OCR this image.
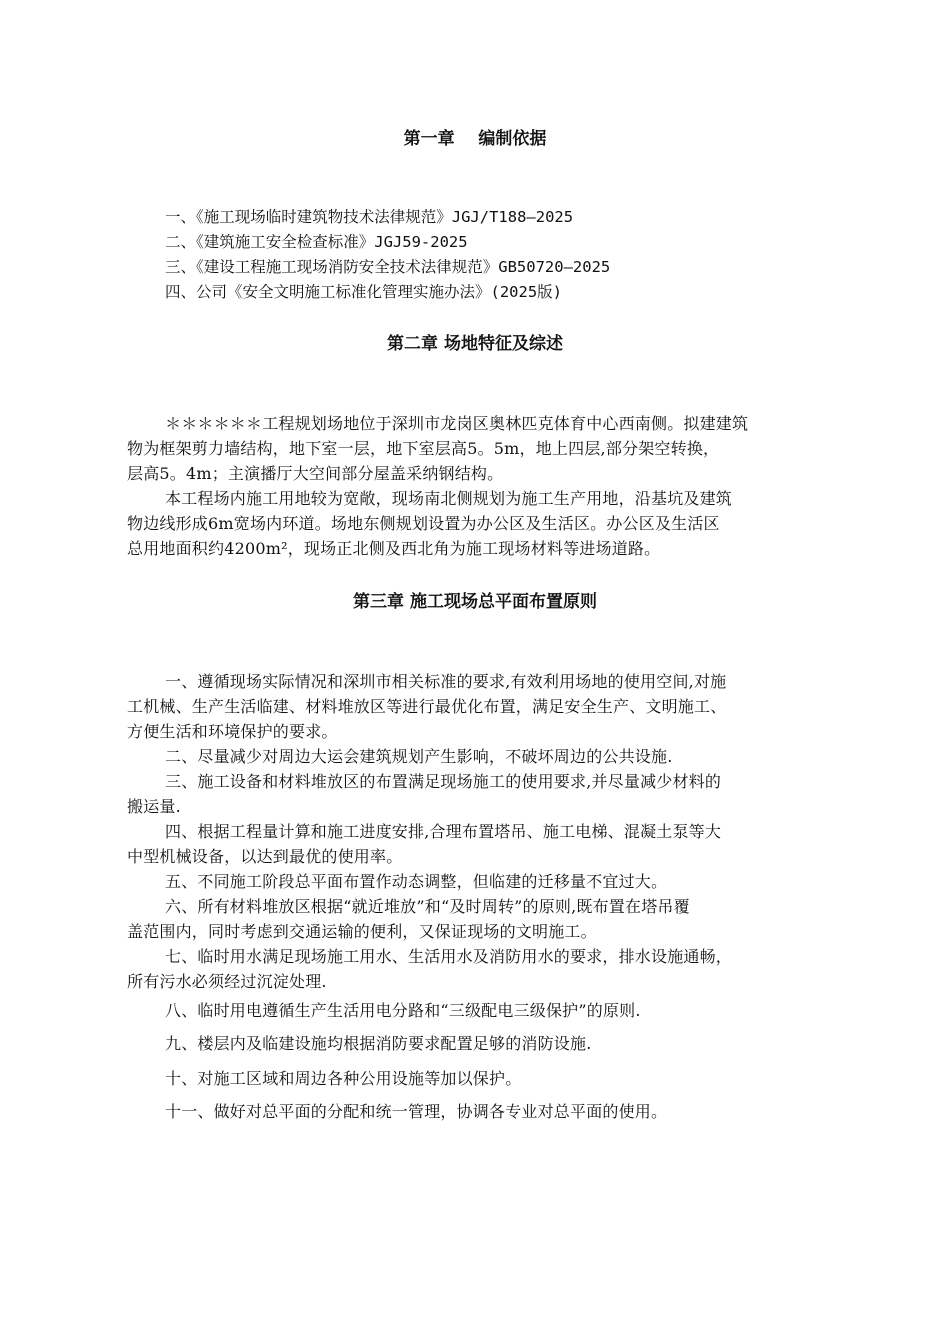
第一章    编制依据
一、《施工现场临时建筑物技术法律规范》JGJ/T188—2025
二、《建筑施工安全检查标准》JGJ59-2025
三、《建设工程施工现场消防安全技术法律规范》GB50720—2025
四、公司《安全文明施工标准化管理实施办法》(2025版)
第二章 场地特征及综述
＊＊＊＊＊＊工程规划场地位于深圳市龙岗区奥林匹克体育中心西南侧。拟建建筑
物为框架剪力墙结构，地下室一层，地下室层高5。5m，地上四层,部分架空转换，
层高5。4m；主演播厅大空间部分屋盖采纳钢结构。
本工程场内施工用地较为宽敞，现场南北侧规划为施工生产用地，沿基坑及建筑
物边线形成6m宽场内环道。场地东侧规划设置为办公区及生活区。办公区及生活区
总用地面积约4200m²，现场正北侧及西北角为施工现场材料等进场道路。
第三章 施工现场总平面布置原则
一、遵循现场实际情况和深圳市相关标准的要求,有效利用场地的使用空间,对施
工机械、生产生活临建、材料堆放区等进行最优化布置，满足安全生产、文明施工、
方便生活和环境保护的要求。
二、尽量减少对周边大运会建筑规划产生影响，不破坏周边的公共设施.
三、施工设备和材料堆放区的布置满足现场施工的使用要求,并尽量减少材料的
搬运量.
四、根据工程量计算和施工进度安排,合理布置塔吊、施工电梯、混凝土泵等大
中型机械设备，以达到最优的使用率。
五、不同施工阶段总平面布置作动态调整，但临建的迁移量不宜过大。
六、所有材料堆放区根据“就近堆放”和“及时周转”的原则,既布置在塔吊覆
盖范围内，同时考虑到交通运输的便利，又保证现场的文明施工。
七、临时用水满足现场施工用水、生活用水及消防用水的要求，排水设施通畅，
所有污水必须经过沉淀处理.
八、临时用电遵循生产生活用电分路和“三级配电三级保护”的原则.
九、楼层内及临建设施均根据消防要求配置足够的消防设施.
十、对施工区域和周边各种公用设施等加以保护。
十一、做好对总平面的分配和统一管理，协调各专业对总平面的使用。
